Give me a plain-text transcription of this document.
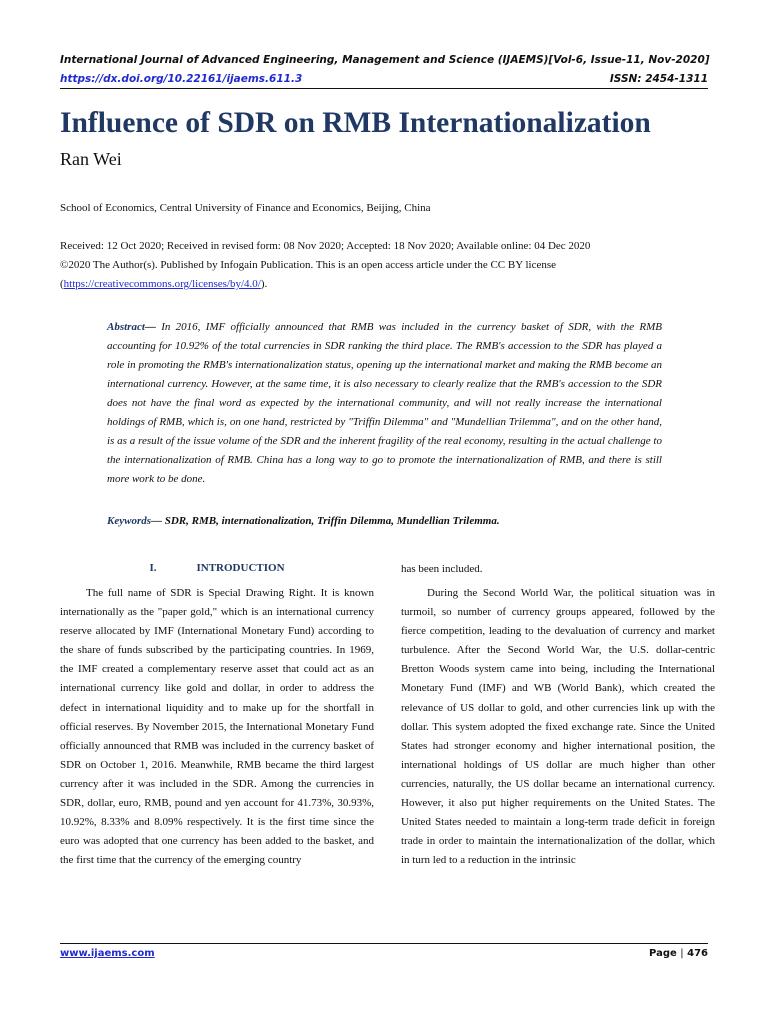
International Journal of Advanced Engineering, Management and Science (IJAEMS) [Vol-6, Issue-11, Nov-2020]
https://dx.doi.org/10.22161/ijaems.611.3	ISSN: 2454-1311
Influence of SDR on RMB Internationalization
Ran Wei
School of Economics, Central University of Finance and Economics, Beijing, China
Received: 12 Oct 2020; Received in revised form: 08 Nov 2020; Accepted: 18 Nov 2020; Available online: 04 Dec 2020
©2020 The Author(s). Published by Infogain Publication. This is an open access article under the CC BY license
(https://creativecommons.org/licenses/by/4.0/).
Abstract— In 2016, IMF officially announced that RMB was included in the currency basket of SDR, with the RMB accounting for 10.92% of the total currencies in SDR ranking the third place. The RMB's accession to the SDR has played a role in promoting the RMB's internationalization status, opening up the international market and making the RMB become an international currency. However, at the same time, it is also necessary to clearly realize that the RMB's accession to the SDR does not have the final word as expected by the international community, and will not really increase the international holdings of RMB, which is, on one hand, restricted by "Triffin Dilemma" and "Mundellian Trilemma", and on the other hand, is as a result of the issue volume of the SDR and the inherent fragility of the real economy, resulting in the actual challenge to the internationalization of RMB. China has a long way to go to promote the internationalization of RMB, and there is still more work to be done.
Keywords— SDR, RMB, internationalization, Triffin Dilemma, Mundellian Trilemma.
I.	INTRODUCTION

The full name of SDR is Special Drawing Right. It is known internationally as the "paper gold," which is an international currency reserve allocated by IMF (International Monetary Fund) according to the share of funds subscribed by the participating countries. In 1969, the IMF created a complementary reserve asset that could act as an international currency like gold and dollar, in order to address the defect in international liquidity and to make up for the shortfall in official reserves. By November 2015, the International Monetary Fund officially announced that RMB was included in the currency basket of SDR on October 1, 2016. Meanwhile, RMB became the third largest currency after it was included in the SDR. Among the currencies in SDR, dollar, euro, RMB, pound and yen account for 41.73%, 30.93%, 10.92%, 8.33% and 8.09% respectively. It is the first time since the euro was adopted that one currency has been added to the basket, and the first time that the currency of the emerging country

has been included.

During the Second World War, the political situation was in turmoil, so number of currency groups appeared, followed by the fierce competition, leading to the devaluation of currency and market turbulence. After the Second World War, the U.S. dollar-centric Bretton Woods system came into being, including the International Monetary Fund (IMF) and WB (World Bank), which created the relevance of US dollar to gold, and other currencies link up with the dollar. This system adopted the fixed exchange rate. Since the United States had stronger economy and higher international position, the international holdings of US dollar are much higher than other currencies, naturally, the US dollar became an international currency. However, it also put higher requirements on the United States. The United States needed to maintain a long-term trade deficit in foreign trade in order to maintain the internationalization of the dollar, which in turn led to a reduction in the intrinsic

www.ijaems.com	Page | 476
